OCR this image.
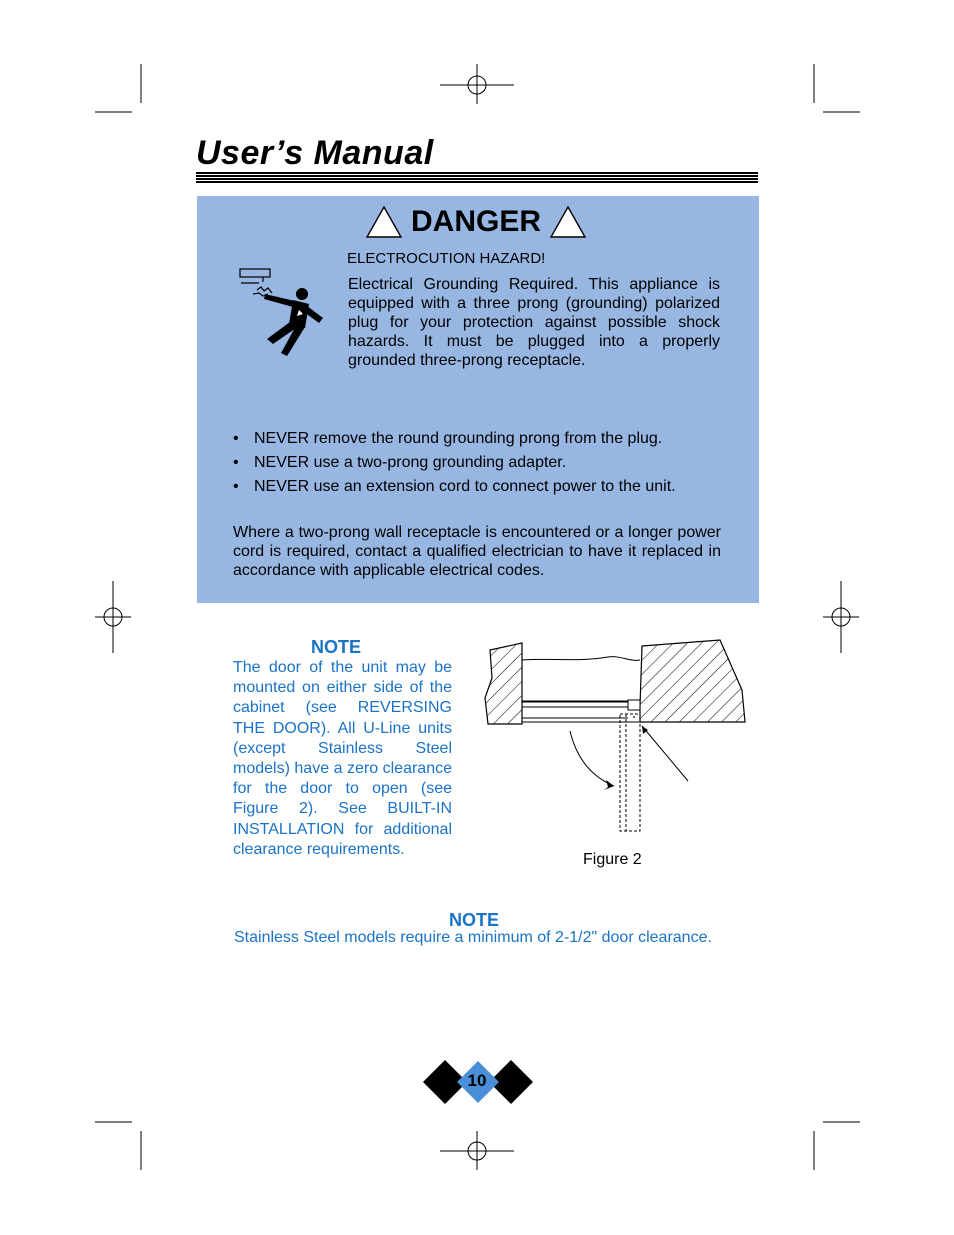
User’s Manual
DANGER
ELECTROCUTION HAZARD!
Electrical Grounding Required. This appliance is equipped with a three prong (grounding) polarized plug for your protection against possible shock hazards. It must be plugged into a properly grounded three-prong receptacle.
• NEVER remove the round grounding prong from the plug.
• NEVER use a two-prong grounding adapter.
• NEVER use an extension cord to connect power to the unit.
Where a two-prong wall receptacle is encountered or a longer power cord is required, contact a qualified electrician to have it replaced in accordance with applicable electrical codes.
NOTE
The door of the unit may be mounted on either side of the cabinet (see REVERSING THE DOOR). All U-Line units (except Stainless Steel models) have a zero clearance for the door to open (see Figure 2). See BUILT-IN INSTALLATION for additional clearance requirements.
Figure 2
NOTE
Stainless Steel models require a minimum of 2-1/2" door clearance.
10
